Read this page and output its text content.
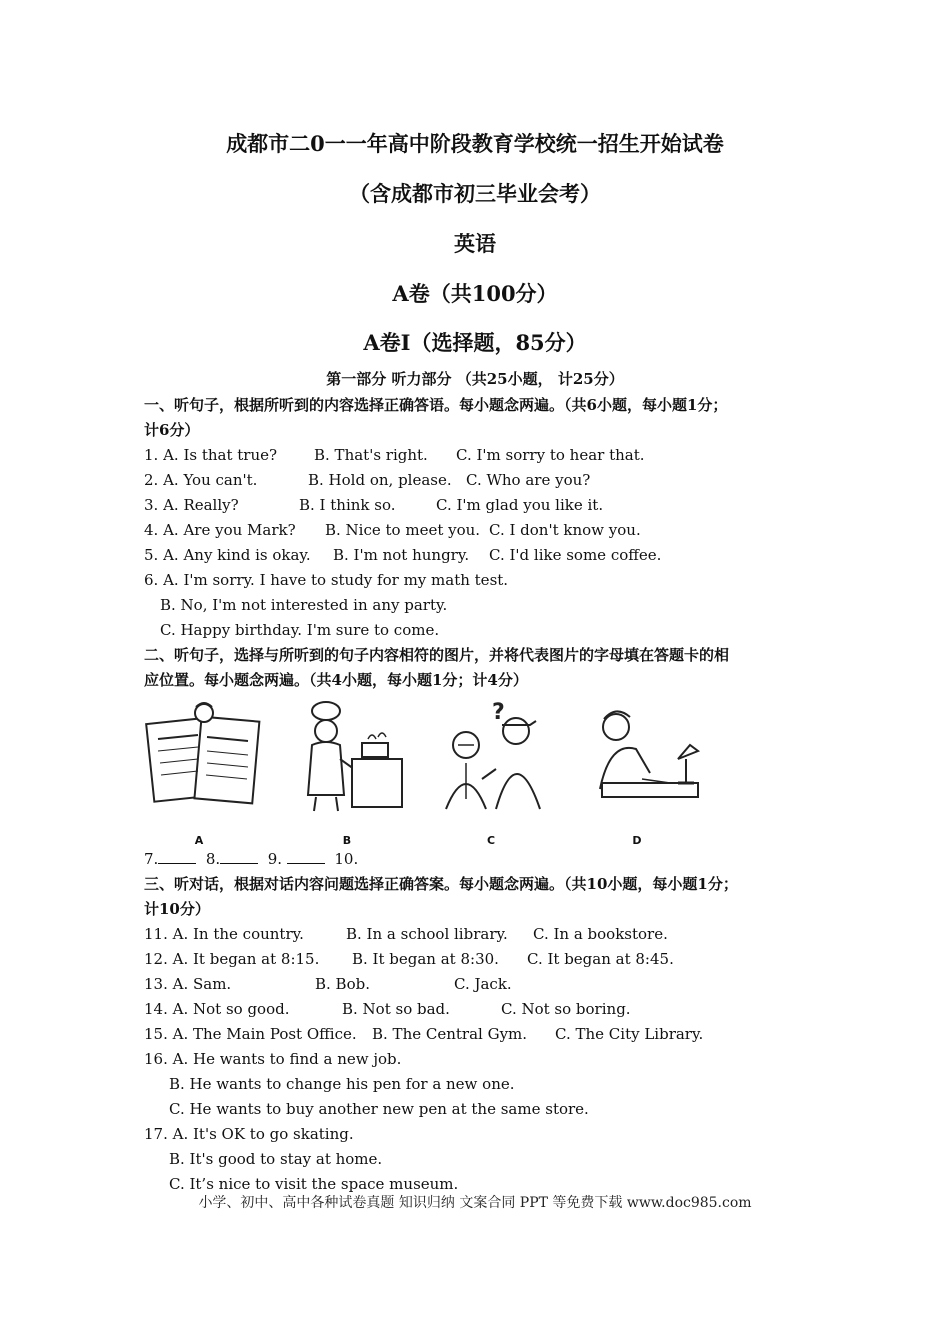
成都市二0一一年高中阶段教育学校统一招生开始试卷
（含成都市初三毕业会考）
英语
A卷（共100分）
A卷Ⅰ（选择题，85分）
第一部分 听力部分 （共25小题， 计25分）
一、听句子，根据所听到的内容选择正确答语。每小题念两遍。（共6小题，每小题1分；
计6分）
1. A. Is that true? B. That's right. C. I'm sorry to hear that.
2. A. You can't.	B. Hold on, please. C. Who are you?
3. A. Really?	B. I think so.	C. I'm glad you like it.
4. A. Are you Mark? B. Nice to meet you. C. I don't know you.
5. A. Any kind is okay. B. I'm not hungry. C. I'd like some coffee.
6. A. I'm sorry. I have to study for my math test.
B. No, I'm not interested in any party.
C. Happy birthday. I'm sure to come.
二、听句子，选择与所听到的句子内容相符的图片，并将代表图片的字母填在答题卡的相
应位置。每小题念两遍。（共4小题，每小题1分；计4分）
A	B
?
C	D
7.	8.	9.	10.
三、听对话，根据对话内容问题选择正确答案。每小题念两遍。（共10小题，每小题1分；
计10分）
11. A. In the country.	B. In a school library. C. In a bookstore.
12. A. It began at 8:15. B. It began at 8:30. C. It began at 8:45.
13. A. Sam.	B. Bob.	C. Jack.
14. A. Not so good.	B. Not so bad.	C. Not so boring.
15. A. The Main Post Office. B. The Central Gym. C. The City Library.
16. A. He wants to find a new job.
B. He wants to change his pen for a new one.
C. He wants to buy another new pen at the same store.
17. A. It's OK to go skating.
B. It's good to stay at home.
C. It’s nice to visit the space museum.
小学、初中、高中各种试卷真题 知识归纳 文案合同 PPT 等免费下载 www.doc985.com
